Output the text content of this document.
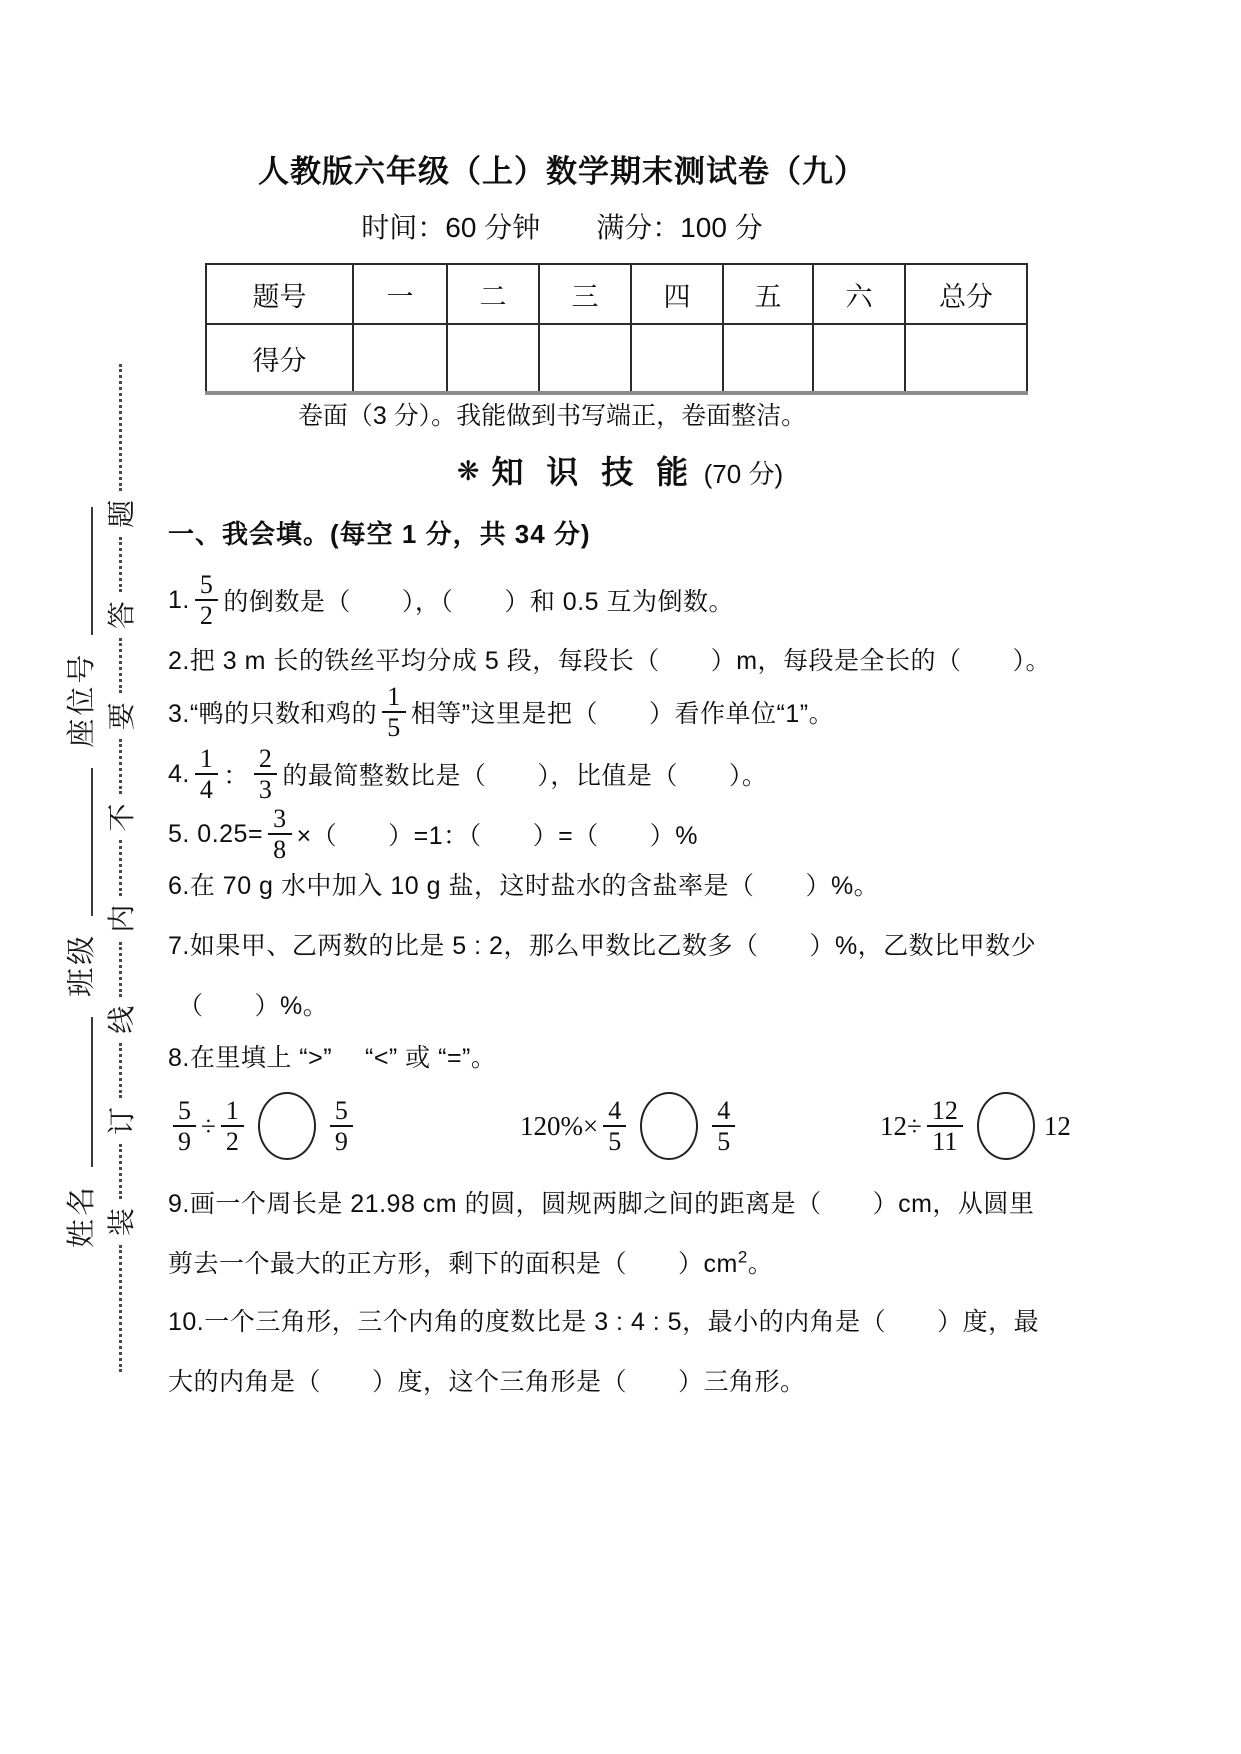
姓名
班级
座位号
装
订
线
内
不
要
答
题
人教版六年级（上）数学期末测试卷（九）
时间：60 分钟　　满分：100 分
题号	一	二	三	四	五	六	总分
得分							
卷面（3 分）。我能做到书写端正，卷面整洁。
❋ 知 识 技 能 (70 分)
一、我会填。(每空 1 分，共 34 分)
1. $\frac{5}{2}$ 的倒数是（　　），（　　）和 0.5 互为倒数。
2.把 3 m 长的铁丝平均分成 5 段，每段长（　　）m，每段是全长的（　　）。
3.“鸭的只数和鸡的 $\frac{1}{5}$ 相等”这里是把（　　）看作单位“1”。
4. $\frac{1}{4}$ ： $\frac{2}{3}$ 的最简整数比是（　　），比值是（　　）。
5. $0.25= \frac{3}{8}$ ×（　　）=1：（　　）=（　　）%
6.在 70 g 水中加入 10 g 盐，这时盐水的含盐率是（　　）%。
7.如果甲、乙两数的比是 5 : 2，那么甲数比乙数多（　　）%，乙数比甲数少
（　　）%。
8.在里填上 “>”　 “<” 或 “=”。
$\frac{5}{9} \div \frac{1}{2}$	$\frac{5}{9}$	$120\%\times \frac{4}{5}$	$\frac{4}{5}$	$12\div \frac{12}{11}$	12
9.画一个周长是 21.98 cm 的圆，圆规两脚之间的距离是（　　）cm，从圆里
剪去一个最大的正方形，剩下的面积是（　　）$cm^2$。
10.一个三角形，三个内角的度数比是 3 : 4 : 5，最小的内角是（　　）度，最
大的内角是（　　）度，这个三角形是（　　）三角形。
